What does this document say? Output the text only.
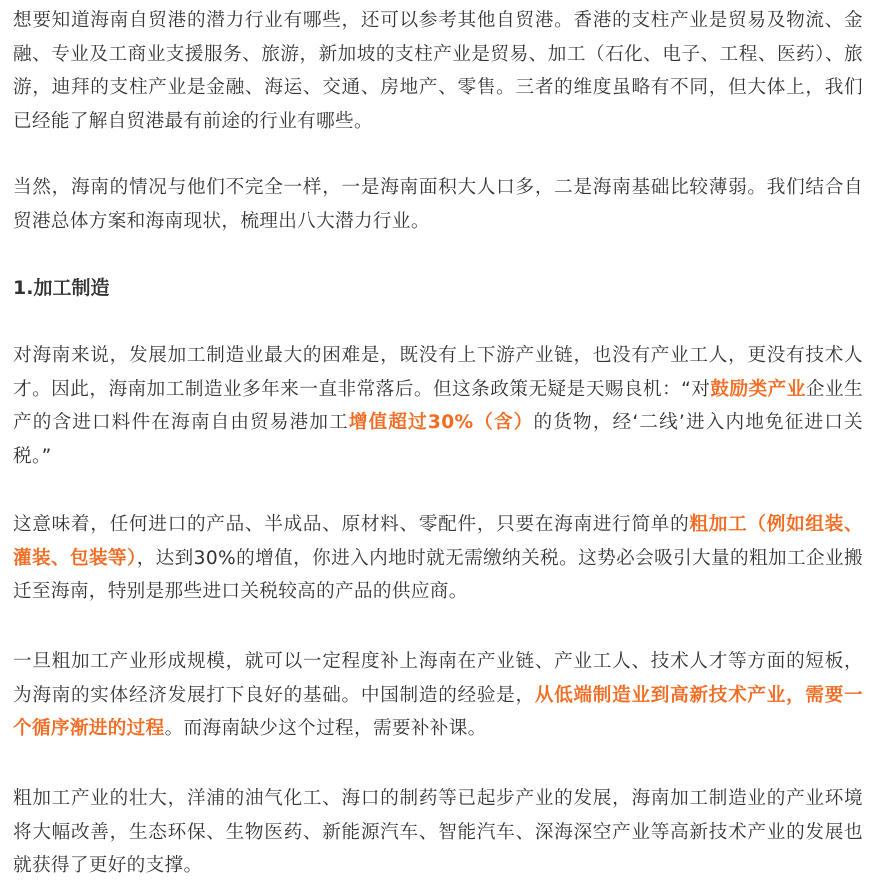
想要知道海南自贸港的潜力行业有哪些，还可以参考其他自贸港。香港的支柱产业是贸易及物流、金融、专业及工商业支援服务、旅游，新加坡的支柱产业是贸易、加工（石化、电子、工程、医药）、旅游，迪拜的支柱产业是金融、海运、交通、房地产、零售。三者的维度虽略有不同，但大体上，我们已经能了解自贸港最有前途的行业有哪些。

当然，海南的情况与他们不完全一样，一是海南面积大人口多，二是海南基础比较薄弱。我们结合自贸港总体方案和海南现状，梳理出八大潜力行业。

1.加工制造

对海南来说，发展加工制造业最大的困难是，既没有上下游产业链，也没有产业工人，更没有技术人才。因此，海南加工制造业多年来一直非常落后。但这条政策无疑是天赐良机：“对鼓励类产业企业生产的含进口料件在海南自由贸易港加工增值超过30%（含）的货物，经‘二线’进入内地免征进口关税。”

这意味着，任何进口的产品、半成品、原材料、零配件，只要在海南进行简单的粗加工（例如组装、灌装、包装等），达到30%的增值，你进入内地时就无需缴纳关税。这势必会吸引大量的粗加工企业搬迁至海南，特别是那些进口关税较高的产品的供应商。

一旦粗加工产业形成规模，就可以一定程度补上海南在产业链、产业工人、技术人才等方面的短板，为海南的实体经济发展打下良好的基础。中国制造的经验是，从低端制造业到高新技术产业，需要一个循序渐进的过程。而海南缺少这个过程，需要补补课。

粗加工产业的壮大，洋浦的油气化工、海口的制药等已起步产业的发展，海南加工制造业的产业环境将大幅改善，生态环保、生物医药、新能源汽车、智能汽车、深海深空产业等高新技术产业的发展也就获得了更好的支撑。
